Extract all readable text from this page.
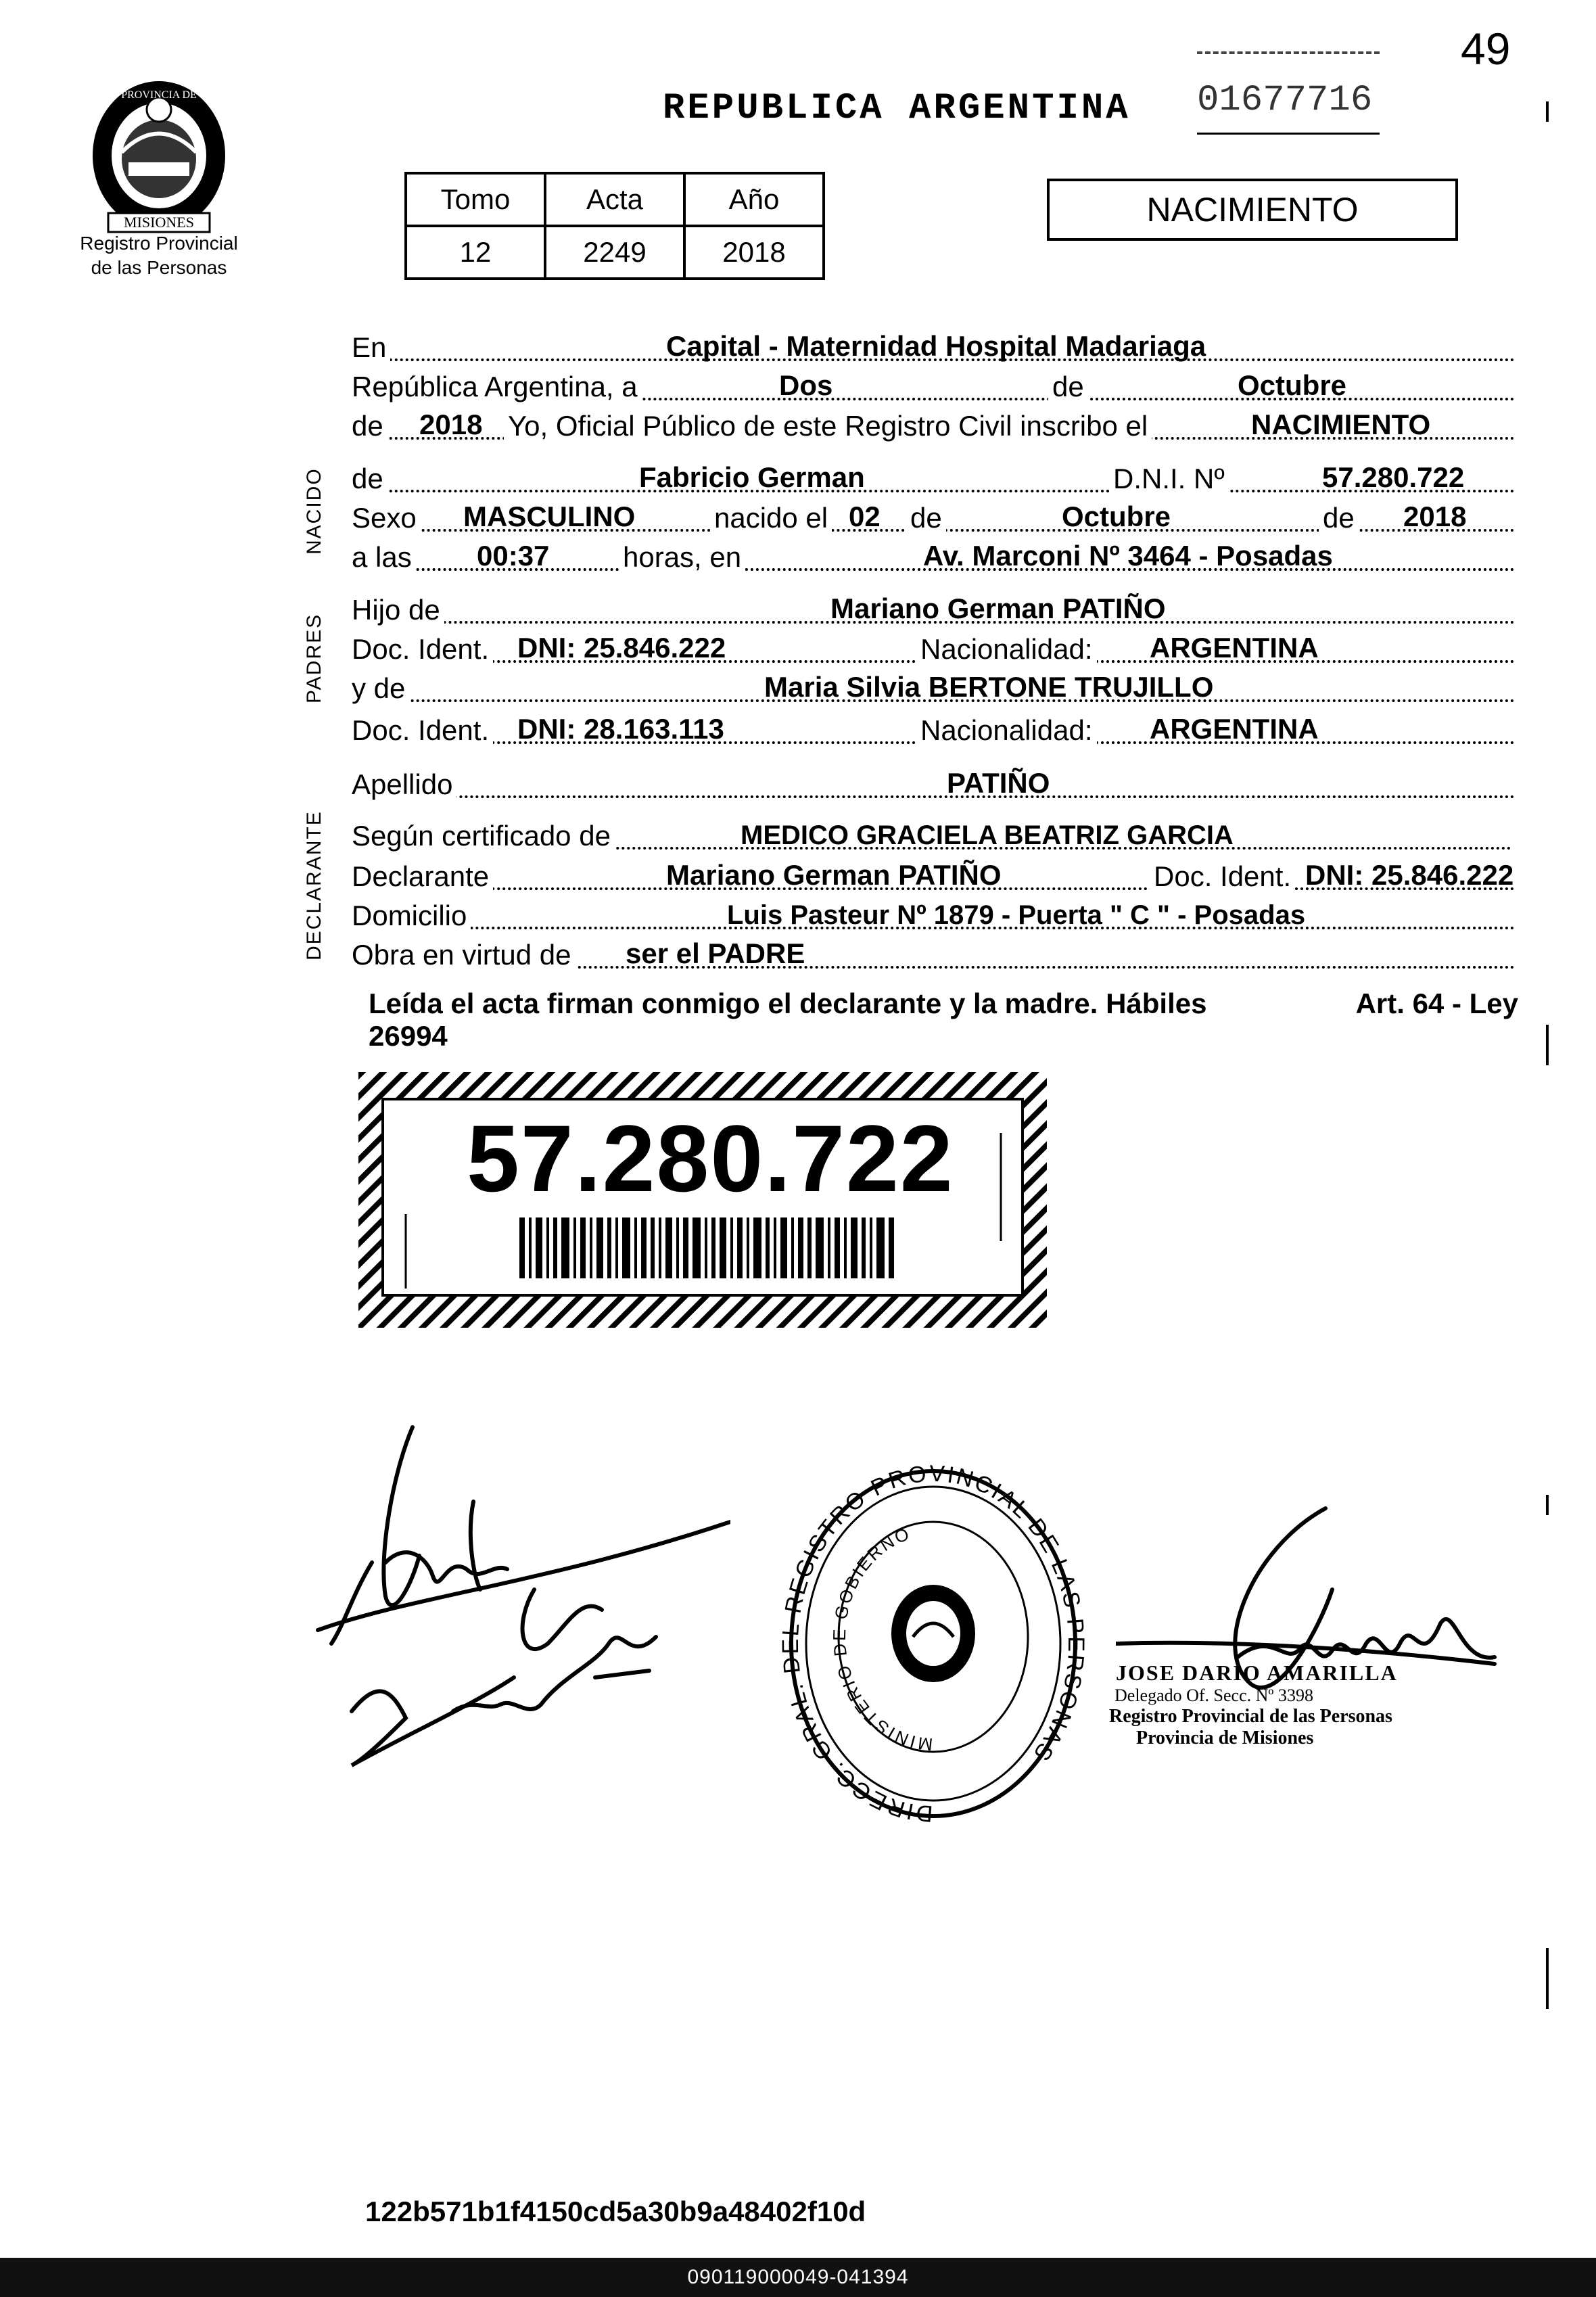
49
REPUBLICA ARGENTINA 01677716
MISIONES
PROVINCIA DE
Registro Provincial de las Personas
Tomo	Acta	Año
12	2249	2018
NACIMIENTO
NACIDO
PADRES
DECLARANTE
En	Capital - Maternidad Hospital Madariaga
República Argentina, a	Dos	de	Octubre
de 2018 Yo, Oficial Público de este Registro Civil inscribo el	NACIMIENTO
de	Fabricio German	D.N.I. Nº	57.280.722
Sexo MASCULINO	nacido el 02 de	Octubre	de 2018
a las 00:37	horas, en	Av. Marconi Nº 3464 - Posadas
Hijo de	Mariano German PATIÑO
Doc. Ident. DNI: 25.846.222	Nacionalidad: ARGENTINA
y de	Maria Silvia BERTONE TRUJILLO
Doc. Ident. DNI: 28.163.113	Nacionalidad: ARGENTINA
Apellido	PATIÑO
Según certificado de	MEDICO GRACIELA BEATRIZ GARCIA
Declarante	Mariano German PATIÑO	Doc. Ident. DNI: 25.846.222
Domicilio	Luis Pasteur Nº 1879 - Puerta " C " - Posadas
Obra en virtud de ser el PADRE
Leída el acta firman conmigo el declarante y la madre. Hábiles	Art. 64 - Ley
26994
57.280.722
DIRECC. GRAL. DEL REGISTRO PROVINCIAL DE LAS PERSONAS
MINISTERIO DE GOBIERNO
JOSE DARIO AMARILLA
Delegado Of. Secc. Nº 3398
Registro Provincial de las Personas
Provincia de Misiones
122b571b1f4150cd5a30b9a48402f10d
090119000049-041394
